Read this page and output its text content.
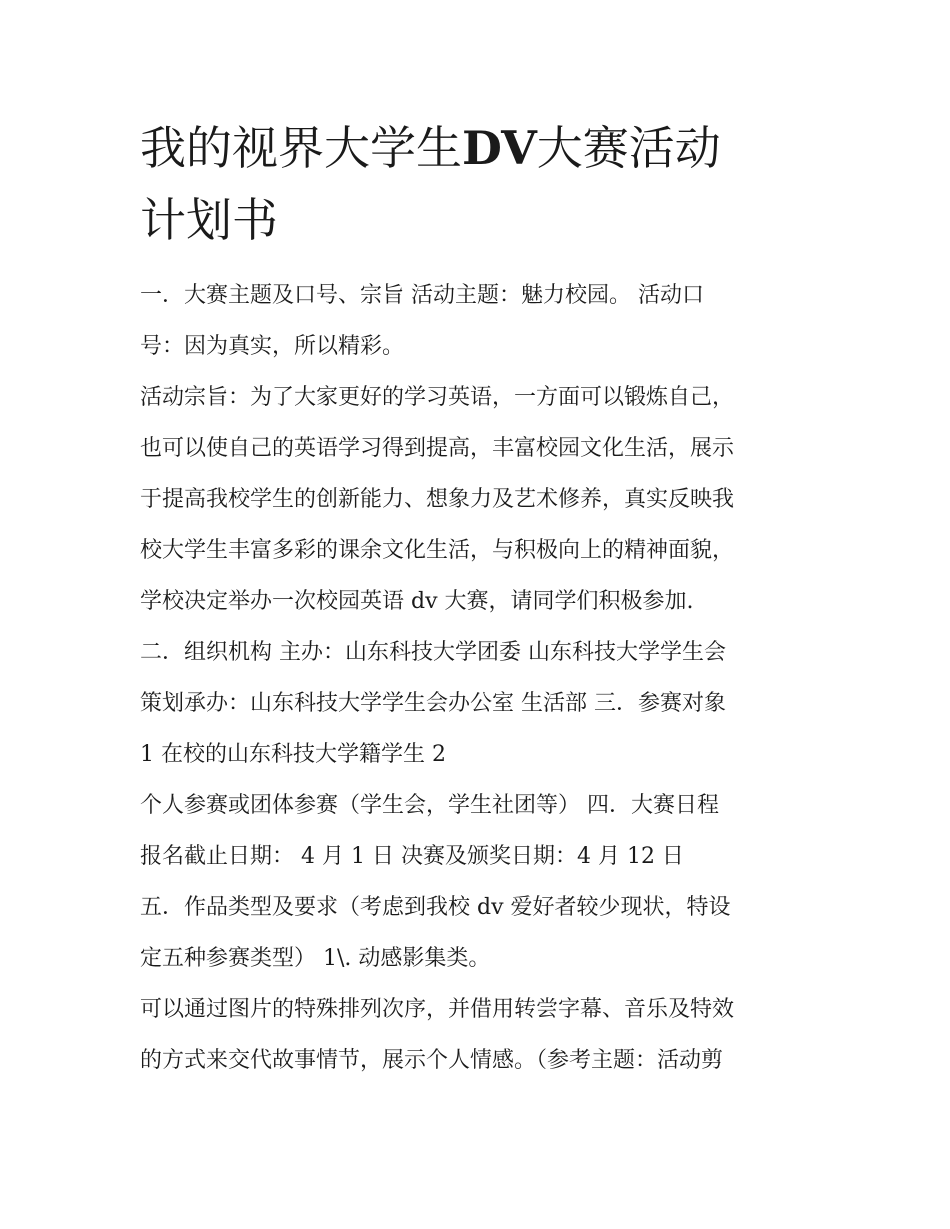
我的视界大学生DV大赛活动
计划书

一．大赛主题及口号、宗旨 活动主题：魅力校园。 活动口

号：因为真实，所以精彩。

活动宗旨：为了大家更好的学习英语，一方面可以锻炼自己，

也可以使自己的英语学习得到提高，丰富校园文化生活，展示

于提高我校学生的创新能力、想象力及艺术修养，真实反映我

校大学生丰富多彩的课余文化生活，与积极向上的精神面貌，

学校决定举办一次校园英语 dv 大赛，请同学们积极参加.

二．组织机构 主办：山东科技大学团委 山东科技大学学生会

策划承办：山东科技大学学生会办公室 生活部 三．参赛对象

1 在校的山东科技大学籍学生 2

个人参赛或团体参赛（学生会，学生社团等） 四．大赛日程

报名截止日期： 4 月 1 日 决赛及颁奖日期：4 月 12 日

五．作品类型及要求（考虑到我校 dv 爱好者较少现状，特设

定五种参赛类型） 1\. 动感影集类。

可以通过图片的特殊排列次序，并借用转尝字幕、音乐及特效

的方式来交代故事情节，展示个人情感。（参考主题：活动剪
